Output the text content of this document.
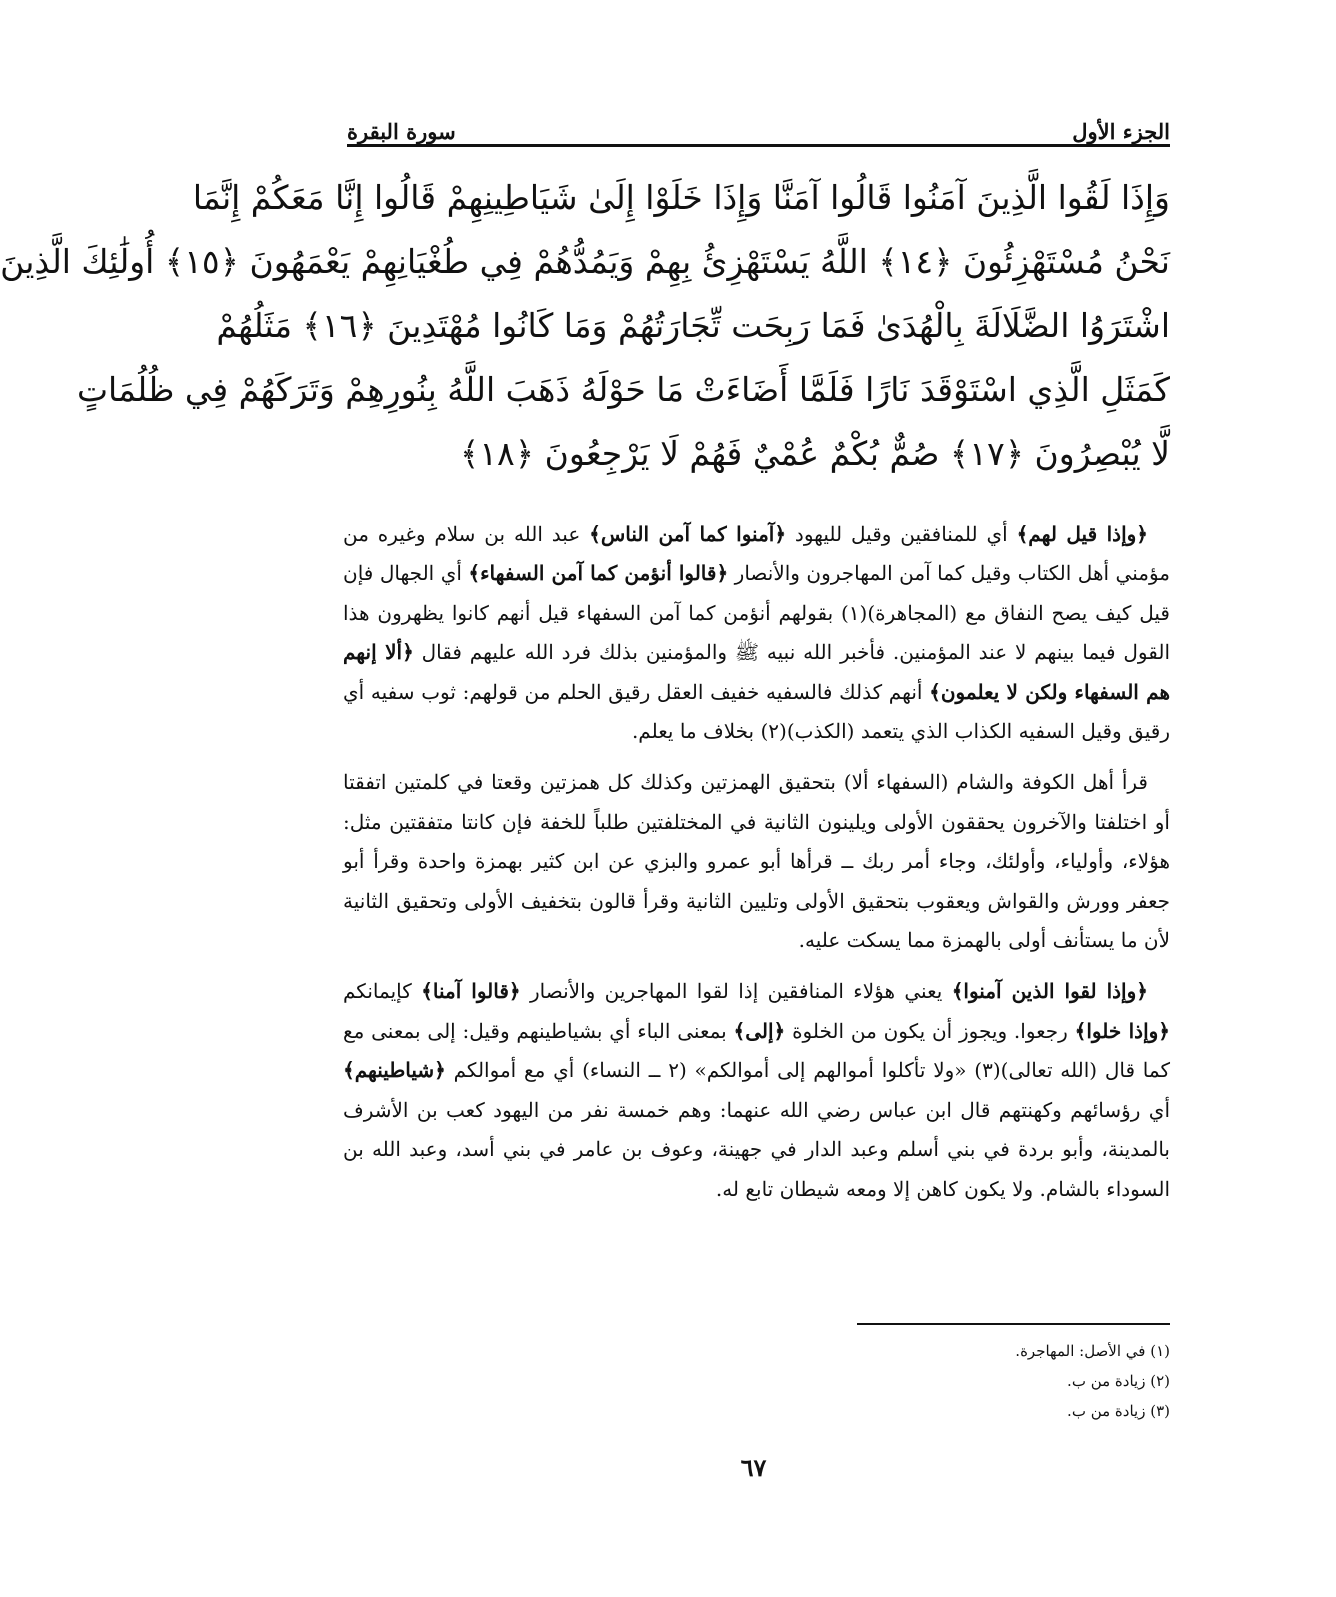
الجزء الأول
سورة البقرة
وَإِذَا لَقُوا الَّذِينَ آمَنُوا قَالُوا آمَنَّا وَإِذَا خَلَوْا إِلَىٰ شَيَاطِينِهِمْ قَالُوا إِنَّا مَعَكُمْ إِنَّمَا
نَحْنُ مُسْتَهْزِئُونَ ﴿١٤﴾ اللَّهُ يَسْتَهْزِئُ بِهِمْ وَيَمُدُّهُمْ فِي طُغْيَانِهِمْ يَعْمَهُونَ ﴿١٥﴾ أُولَٰئِكَ الَّذِينَ
اشْتَرَوُا الضَّلَالَةَ بِالْهُدَىٰ فَمَا رَبِحَت تِّجَارَتُهُمْ وَمَا كَانُوا مُهْتَدِينَ ﴿١٦﴾ مَثَلُهُمْ
كَمَثَلِ الَّذِي اسْتَوْقَدَ نَارًا فَلَمَّا أَضَاءَتْ مَا حَوْلَهُ ذَهَبَ اللَّهُ بِنُورِهِمْ وَتَرَكَهُمْ فِي ظُلُمَاتٍ
لَّا يُبْصِرُونَ ﴿١٧﴾ صُمٌّ بُكْمٌ عُمْيٌ فَهُمْ لَا يَرْجِعُونَ ﴿١٨﴾

﴿وإذا قيل لهم﴾ أي للمنافقين وقيل لليهود ﴿آمنوا كما آمن الناس﴾ عبد الله بن سلام وغيره من مؤمني أهل الكتاب وقيل كما آمن المهاجرون والأنصار ﴿قالوا أنؤمن كما آمن السفهاء﴾ أي الجهال فإن قيل كيف يصح النفاق مع (المجاهرة)(١) بقولهم أنؤمن كما آمن السفهاء قيل أنهم كانوا يظهرون هذا القول فيما بينهم لا عند المؤمنين. فأخبر الله نبيه ﷺ والمؤمنين بذلك فرد الله عليهم فقال ﴿ألا إنهم هم السفهاء ولكن لا يعلمون﴾ أنهم كذلك فالسفيه خفيف العقل رقيق الحلم من قولهم: ثوب سفيه أي رقيق وقيل السفيه الكذاب الذي يتعمد (الكذب)(٢) بخلاف ما يعلم.

قرأ أهل الكوفة والشام (السفهاء ألا) بتحقيق الهمزتين وكذلك كل همزتين وقعتا في كلمتين اتفقتا أو اختلفتا والآخرون يحققون الأولى ويلينون الثانية في المختلفتين طلباً للخفة فإن كانتا متفقتين مثل: هؤلاء، وأولياء، وأولئك، وجاء أمر ربك ــ قرأها أبو عمرو والبزي عن ابن كثير بهمزة واحدة وقرأ أبو جعفر وورش والقواش ويعقوب بتحقيق الأولى وتليين الثانية وقرأ قالون بتخفيف الأولى وتحقيق الثانية لأن ما يستأنف أولى بالهمزة مما يسكت عليه.

﴿وإذا لقوا الذين آمنوا﴾ يعني هؤلاء المنافقين إذا لقوا المهاجرين والأنصار ﴿قالوا آمنا﴾ كإيمانكم ﴿وإذا خلوا﴾ رجعوا. ويجوز أن يكون من الخلوة ﴿إلى﴾ بمعنى الباء أي بشياطينهم وقيل: إلى بمعنى مع كما قال (الله تعالى)(٣) «ولا تأكلوا أموالهم إلى أموالكم» (٢ ــ النساء) أي مع أموالكم ﴿شياطينهم﴾ أي رؤسائهم وكهنتهم قال ابن عباس رضي الله عنهما: وهم خمسة نفر من اليهود كعب بن الأشرف بالمدينة، وأبو بردة في بني أسلم وعبد الدار في جهينة، وعوف بن عامر في بني أسد، وعبد الله بن السوداء بالشام. ولا يكون كاهن إلا ومعه شيطان تابع له.

(١) في الأصل: المهاجرة.
(٢) زيادة من ب.
(٣) زيادة من ب.
٦٧
